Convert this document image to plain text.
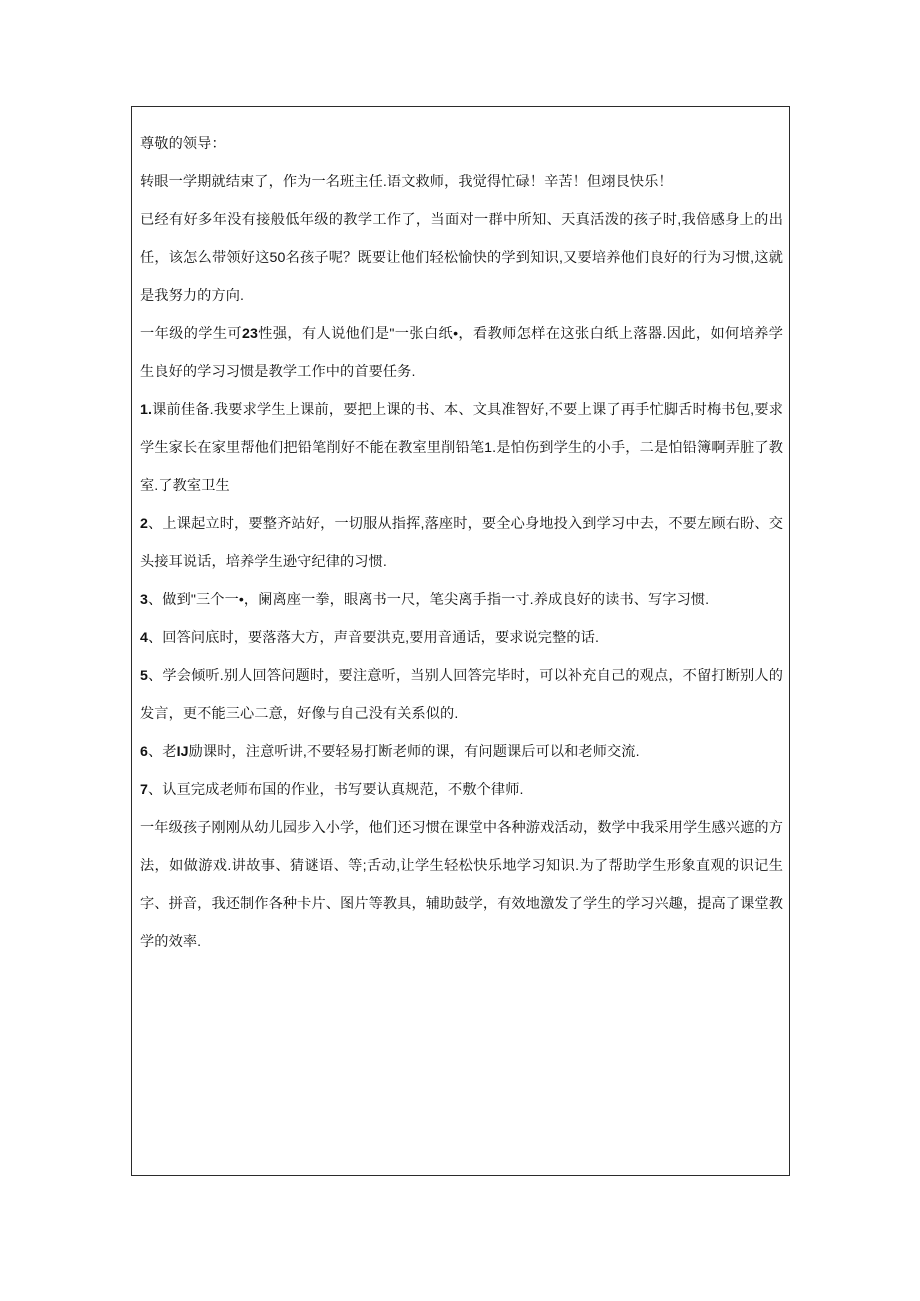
尊敬的领导：

转眼一学期就结束了，作为一名班主任.语文救师，我觉得忙碌！辛苦！但翊艮快乐！

已经有好多年没有接般低年级的教学工作了，当面对一群中所知、天真活泼的孩子时,我倍感身上的出任，该怎么带领好这50名孩子呢？既要让他们轻松愉快的学到知识,又要培养他们良好的行为习惯,这就是我努力的方向.

一年级的学生可23性强，有人说他们是"一张白纸•，看教师怎样在这张白纸上落器.因此，如何培养学生良好的学习习惯是教学工作中的首要任务.

1.课前佳备.我要求学生上课前，要把上课的书、本、文具准智好,不要上课了再手忙脚舌时梅书包,要求学生家长在家里帮他们把铅笔削好不能在教室里削铅笔1.是怕伤到学生的小手，二是怕铅簿啊弄脏了教室.了教室卫生

2、上课起立时，要整齐站好，一切服从指挥,落座时，要全心身地投入到学习中去，不要左顾右盼、交头接耳说话，培养学生逊守纪律的习惯.

3、做到"三个一•，阑离座一拳，眼离书一尺，笔尖离手指一寸.养成良好的读书、写字习惯.

4、回答问底时，要落落大方，声音要洪克,要用音通话，要求说完整的话.

5、学会倾听.别人回答问题时，要注意听，当别人回答完毕时，可以补充自己的观点，不留打断别人的发言，更不能三心二意，好像与自己没有关系似的.

6、老IJ励课时，注意听讲,不要轻易打断老师的课，有问题课后可以和老师交流.

7、认亘完成老师布国的作业，书写要认真规范，不敷个律师.

一年级孩子刚刚从幼儿园步入小学，他们还习惯在课堂中各种游戏活动，数学中我采用学生感兴遮的方法，如做游戏.讲故事、猜谜语、等;舌动,让学生轻松快乐地学习知识.为了帮助学生形象直观的识记生字、拼音，我还制作各种卡片、图片等教具，辅助鼓学，有效地激发了学生的学习兴趣，提高了课堂教学的效率.
